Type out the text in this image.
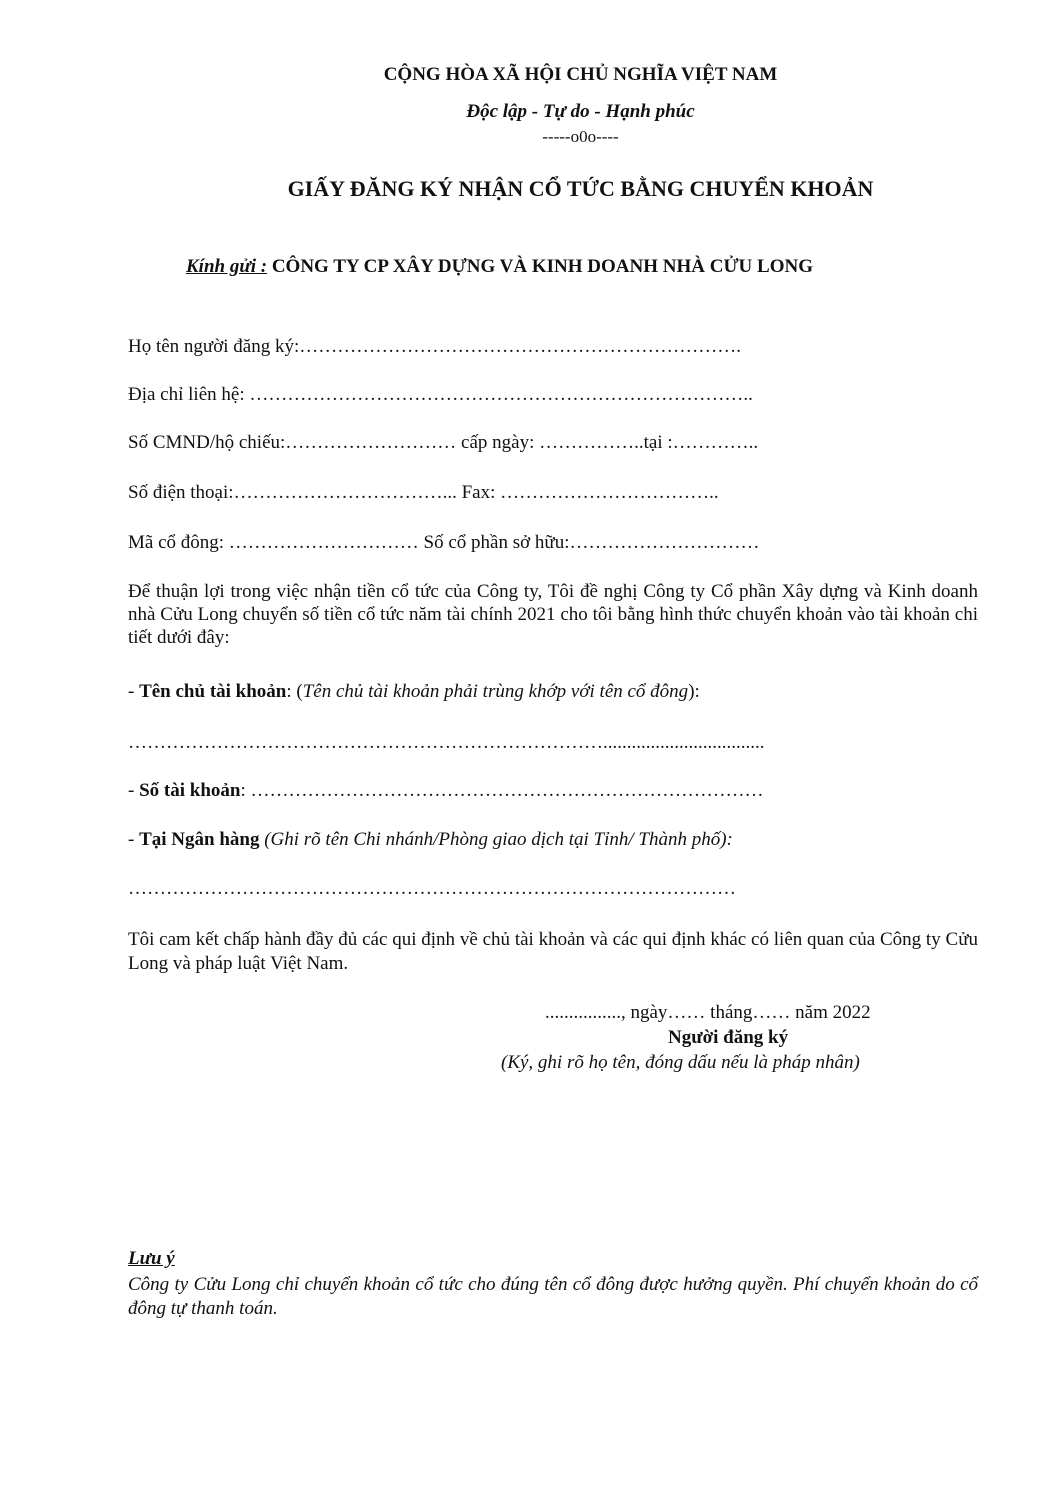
CỘNG HÒA XÃ HỘI CHỦ NGHĨA VIỆT NAM
Độc lập - Tự do - Hạnh phúc
-----o0o----
GIẤY ĐĂNG KÝ NHẬN CỔ TỨC BẰNG CHUYỂN KHOẢN
Kính gửi : CÔNG TY CP XÂY DỰNG VÀ KINH DOANH NHÀ CỬU LONG
Họ tên người đăng ký:…………………………………………………………….
Địa chỉ liên hệ: ……………………………………………………………………..
Số CMND/hộ chiếu:……………………… cấp ngày: ……………..tại :…………..
Số điện thoại:……………………………... Fax: ……………………………..
Mã cổ đông: ………………………… Số cổ phần sở hữu:…………………………
Để thuận lợi trong việc nhận tiền cổ tức của Công ty, Tôi đề nghị Công ty Cổ phần Xây dựng và Kinh doanh nhà Cửu Long chuyển số tiền cổ tức năm tài chính 2021 cho tôi bằng hình thức chuyển khoản vào tài khoản chi tiết dưới đây:
- Tên chủ tài khoản: (Tên chủ tài khoản phải trùng khớp với tên cổ đông):
…………………………………………………………………..................................
- Số tài khoản: ………………………………………………………………………
- Tại Ngân hàng (Ghi rõ tên Chi nhánh/Phòng giao dịch tại Tỉnh/ Thành phố):
……………………………………………………………………………………
Tôi cam kết chấp hành đầy đủ các qui định về chủ tài khoản và các qui định khác có liên quan của Công ty Cửu Long và pháp luật Việt Nam.
................, ngày…… tháng…… năm 2022
Người đăng ký
(Ký, ghi rõ họ tên, đóng dấu nếu là pháp nhân)
Lưu ý
Công ty Cửu Long chỉ chuyển khoản cổ tức cho đúng tên cổ đông được hưởng quyền. Phí chuyển khoản do cổ đông tự thanh toán.
